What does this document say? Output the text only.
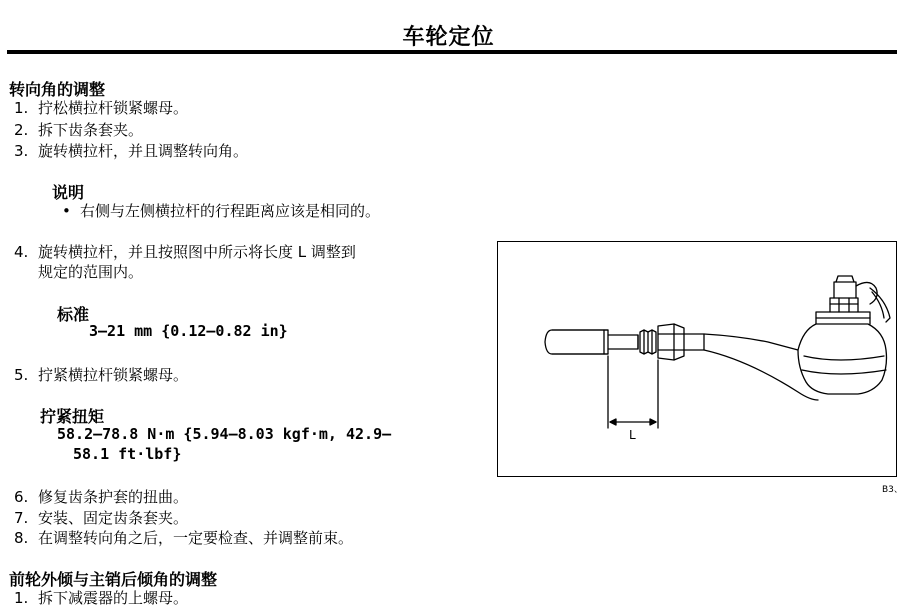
车轮定位
转向角的调整
1. 拧松横拉杆锁紧螺母。
2. 拆下齿条套夹。
3. 旋转横拉杆，并且调整转向角。
说明
• 右侧与左侧横拉杆的行程距离应该是相同的。
4. 旋转横拉杆，并且按照图中所示将长度 L 调整到
规定的范围内。
标准
3—21 mm {0.12—0.82 in}
5. 拧紧横拉杆锁紧螺母。
拧紧扭矩
58.2—78.8 N·m {5.94—8.03 kgf·m, 42.9—
58.1 ft·lbf}
6. 修复齿条护套的扭曲。
7. 安装、固定齿条套夹。
8. 在调整转向角之后，一定要检查、并调整前束。
前轮外倾与主销后倾角的调整
1. 拆下减震器的上螺母。
L
B3、
